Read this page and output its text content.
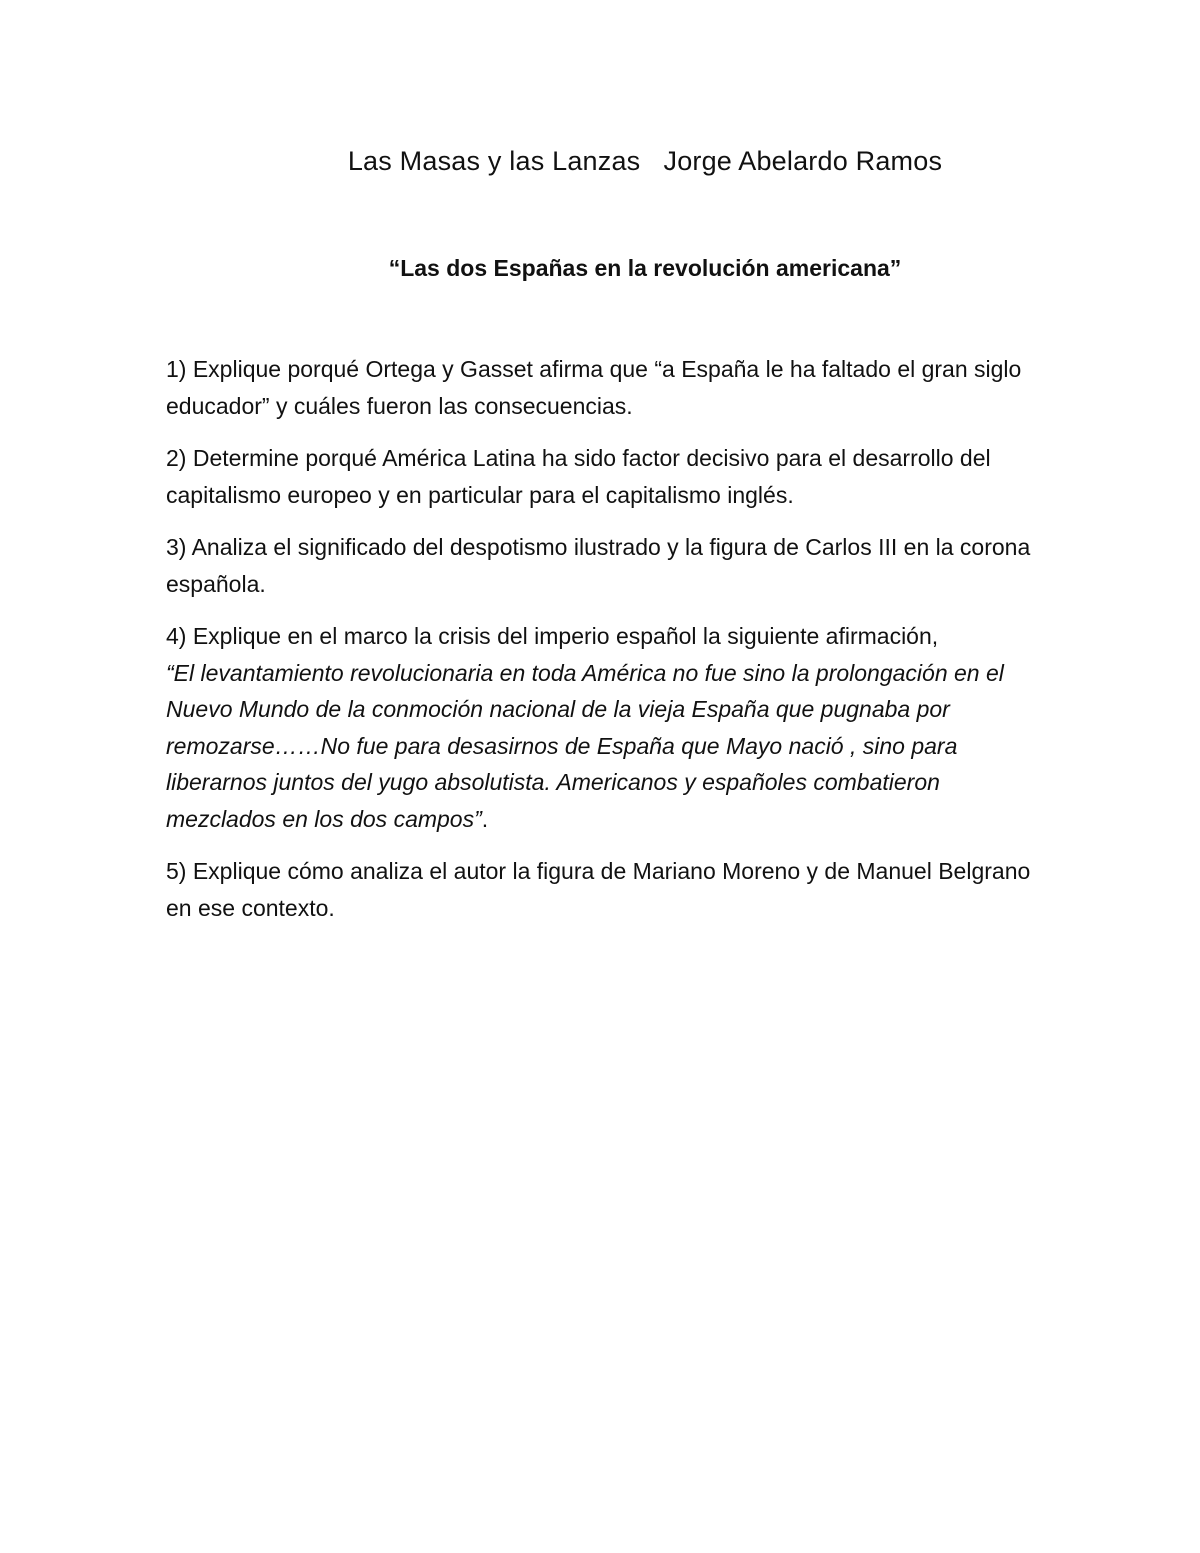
Las Masas y las Lanzas   Jorge Abelardo Ramos
“Las dos Españas en la revolución americana”

1) Explique porqué Ortega y Gasset afirma que “a España le ha faltado el gran siglo educador” y cuáles fueron las consecuencias.

2) Determine porqué América Latina ha sido factor decisivo para el desarrollo del capitalismo europeo y en particular para el capitalismo inglés.

3) Analiza el significado del despotismo ilustrado y la figura de Carlos III en la corona española.

4) Explique en el marco la crisis del imperio español la siguiente afirmación,
“El levantamiento revolucionaria en toda América no fue sino la prolongación en el Nuevo Mundo de la conmoción nacional de la vieja España que pugnaba por remozarse……No fue para desasirnos de España que Mayo nació , sino para liberarnos juntos del yugo absolutista. Americanos y españoles combatieron mezclados en los dos campos”.

5) Explique cómo analiza el autor la figura de Mariano Moreno y de Manuel Belgrano en ese contexto.
